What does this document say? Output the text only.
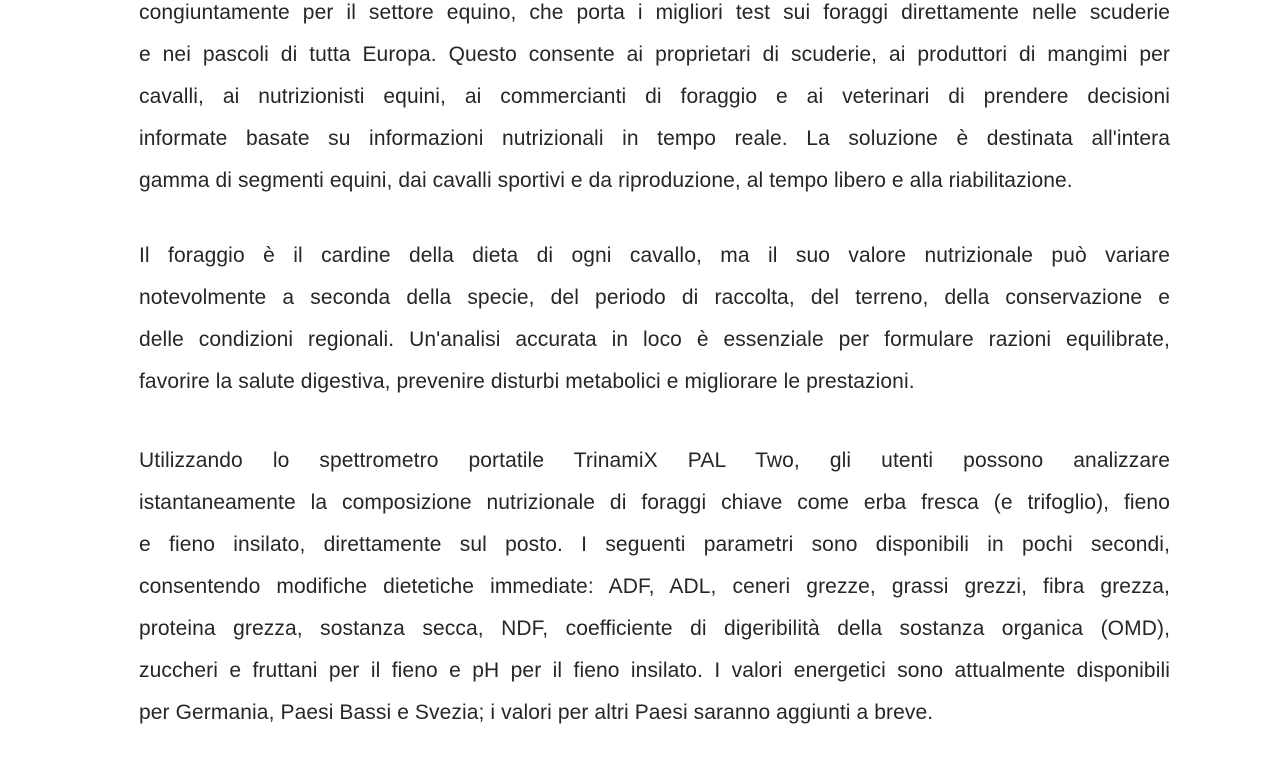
congiuntamente per il settore equino, che porta i migliori test sui foraggi direttamente nelle scuderie
e nei pascoli di tutta Europa. Questo consente ai proprietari di scuderie, ai produttori di mangimi per
cavalli, ai nutrizionisti equini, ai commercianti di foraggio e ai veterinari di prendere decisioni
informate basate su informazioni nutrizionali in tempo reale. La soluzione è destinata all'intera
gamma di segmenti equini, dai cavalli sportivi e da riproduzione, al tempo libero e alla riabilitazione.
Il foraggio è il cardine della dieta di ogni cavallo, ma il suo valore nutrizionale può variare
notevolmente a seconda della specie, del periodo di raccolta, del terreno, della conservazione e
delle condizioni regionali. Un'analisi accurata in loco è essenziale per formulare razioni equilibrate,
favorire la salute digestiva, prevenire disturbi metabolici e migliorare le prestazioni.
Utilizzando lo spettrometro portatile TrinamiX PAL Two, gli utenti possono analizzare
istantaneamente la composizione nutrizionale di foraggi chiave come erba fresca (e trifoglio), fieno
e fieno insilato, direttamente sul posto. I seguenti parametri sono disponibili in pochi secondi,
consentendo modifiche dietetiche immediate: ADF, ADL, ceneri grezze, grassi grezzi, fibra grezza,
proteina grezza, sostanza secca, NDF, coefficiente di digeribilità della sostanza organica (OMD),
zuccheri e fruttani per il fieno e pH per il fieno insilato. I valori energetici sono attualmente disponibili
per Germania, Paesi Bassi e Svezia; i valori per altri Paesi saranno aggiunti a breve.
